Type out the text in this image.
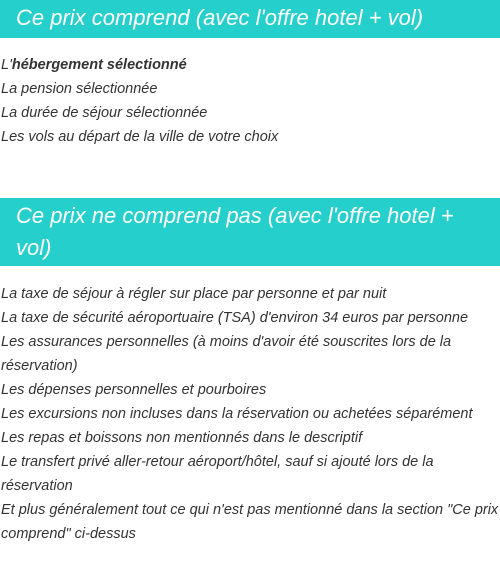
Ce prix comprend (avec l'offre hotel + vol)
L'hébergement sélectionné
La pension sélectionnée
La durée de séjour sélectionnée
Les vols au départ de la ville de votre choix
Ce prix ne comprend pas (avec l'offre hotel + vol)
La taxe de séjour à régler sur place par personne et par nuit
La taxe de sécurité aéroportuaire (TSA) d'environ 34 euros par personne
Les assurances personnelles (à moins d'avoir été souscrites lors de la réservation)
Les dépenses personnelles et pourboires
Les excursions non incluses dans la réservation ou achetées séparément
Les repas et boissons non mentionnés dans le descriptif
Le transfert privé aller-retour aéroport/hôtel, sauf si ajouté lors de la réservation
Et plus généralement tout ce qui n'est pas mentionné dans la section "Ce prix comprend" ci-dessus
